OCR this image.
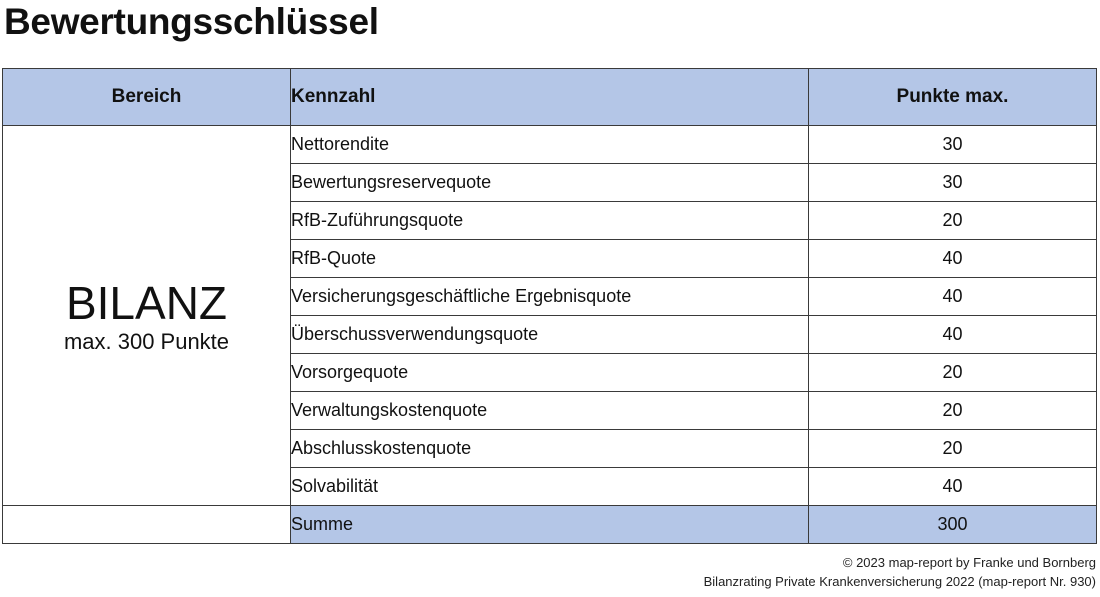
Bewertungsschlüssel
Bereich	Kennzahl	Punkte max.

BILANZ
max. 300 Punkte	Nettorendite	30
	Bewertungsreservequote	30
	RfB-Zuführungsquote	20
	RfB-Quote	40
	Versicherungsgeschäftliche Ergebnisquote	40
	Überschussverwendungsquote	40
	Vorsorgequote	20
	Verwaltungskostenquote	20
	Abschlusskostenquote	20
	Solvabilität	40
	Summe	300
© 2023 map-report by Franke und Bornberg
Bilanzrating Private Krankenversicherung 2022 (map-report Nr. 930)
